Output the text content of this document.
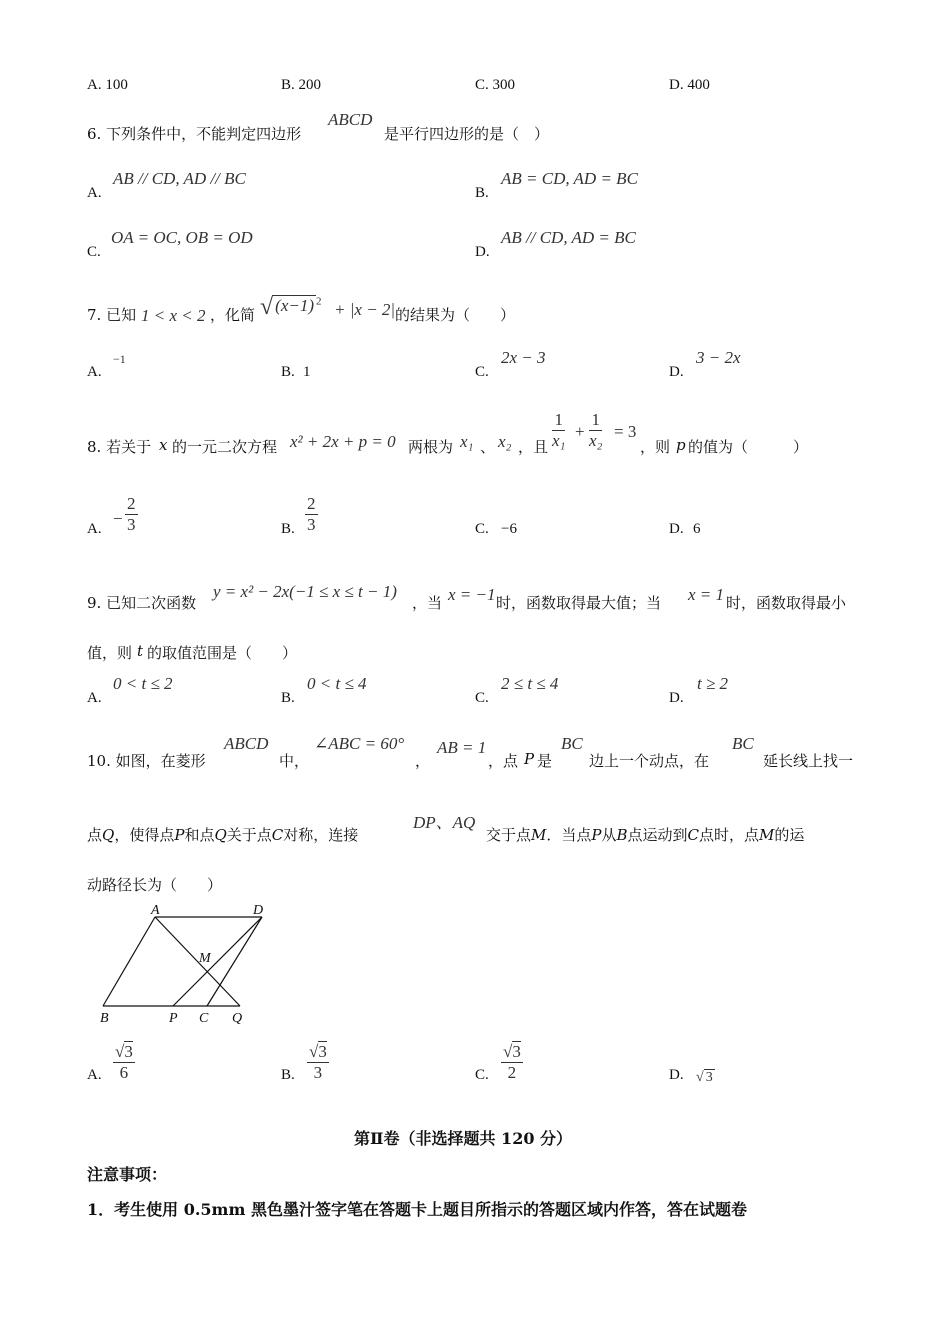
A. 100	B. 200	C. 300	D. 400
6. 下列条件中，不能判定四边形
ABCD
是平行四边形的是（　）
A.
AB // CD, AD // BC
B.
AB = CD, AD = BC
C.
OA = OC, OB = OD
D.
AB // CD, AD = BC
7. 已知 1 < x < 2 ，化简 √ (x−1) $^2$ + |x − 2| 的结果为（　　）
A.
−1
B. 1	C.
2x − 3
D.
3 − 2x
8. 若关于 x 的一元二次方程 x² + 2x + p = 0 两根为 x₁ 、 x₂ ，且 $\frac{1}{\text{x₁}} + \frac{1}{\text{x₂}} = 3$
，则 p 的值为（　　　）
A.
− $\frac{2}{3}$	B. $\frac{2}{3}$	C. −6	D. 6
9. 已知二次函数
y = x² − 2x(−1 ≤ x ≤ t − 1)
，当 x = −1 时，函数取得最大值；当 x = 1 时，函数取得最小
值，则 t 的取值范围是（　　）
A.
0 < t ≤ 2
B.
0 < t ≤ 4
C.
2 ≤ t ≤ 4
D.
t ≥ 2
10. 如图，在菱形
ABCD
中，
∠ABC = 60°
，
AB = 1
，点 P 是
BC
边上一个动点，在
BC
延长线上找一
点Q，使得点P和点Q关于点C对称，连接
DP、AQ
交于点M．当点P从B点运动到C点时，点M的运
动路径长为（　　）
A	D
M
B	P C Q
A. $\frac{√3}{6}$	B. $\frac{√3}{3}$	C. $\frac{√3}{2}$	D. √ 3
第Ⅱ卷（非选择题共 120 分）
注意事项：
1．考生使用 0.5mm 黑色墨汁签字笔在答题卡上题目所指示的答题区域内作答，答在试题卷
